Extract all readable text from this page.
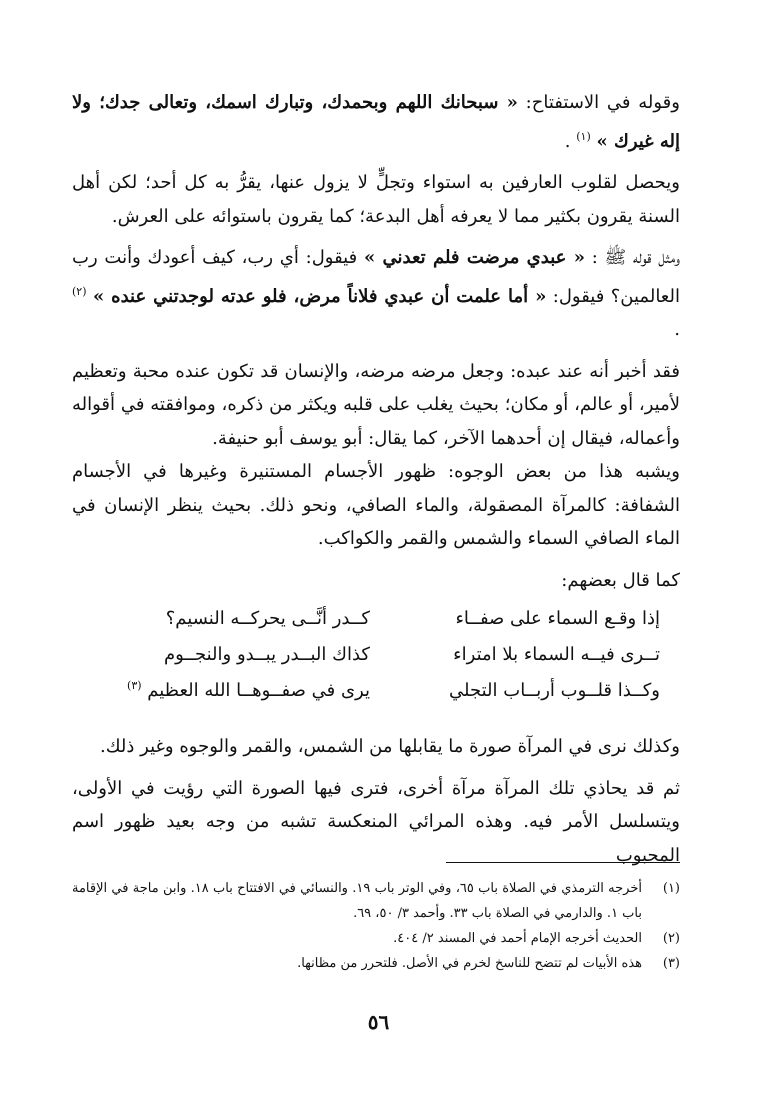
وقوله في الاستفتاح: « سبحانك اللهم وبحمدك، وتبارك اسمك، وتعالى جدك؛ ولا إله غيرك » $^{(١)}$ .

ويحصل لقلوب العارفين به استواء وتجلٍّ لا يزول عنها، يقرُّ به كل أحد؛ لكن أهل السنة يقرون بكثير مما لا يعرفه أهل البدعة؛ كما يقرون باستوائه على العرش.

ومثل قوله ﷺ : « عبدي مرضت فلم تعدني » فيقول: أي رب، كيف أعودك وأنت رب العالمين؟ فيقول: « أما علمت أن عبدي فلاناً مرض، فلو عدته لوجدتني عنده » $^{(٢)}$ .

فقد أخبر أنه عند عبده: وجعل مرضه مرضه، والإنسان قد تكون عنده محبة وتعظيم لأمير، أو عالم، أو مكان؛ بحيث يغلب على قلبه ويكثر من ذكره، وموافقته في أقواله وأعماله، فيقال إن أحدهما الآخر، كما يقال: أبو يوسف أبو حنيفة.

ويشبه هذا من بعض الوجوه: ظهور الأجسام المستنيرة وغيرها في الأجسام الشفافة: كالمرآة المصقولة، والماء الصافي، ونحو ذلك. بحيث ينظر الإنسان في الماء الصافي السماء والشمس والقمر والكواكب.

كما قال بعضهم:

إذا وقـع السماء على صفــاء
كــدر أنَّــى يحركــه النسيم؟
تــرى فيــه السماء بلا امتراء
كذاك البــدر يبــدو والنجــوم
وكــذا قلــوب أربــاب التجلي
يرى في صفــوهــا الله العظيم $^{(٣)}$

وكذلك نرى في المرآة صورة ما يقابلها من الشمس، والقمر والوجوه وغير ذلك.

ثم قد يحاذي تلك المرآة مرآة أخرى، فترى فيها الصورة التي رؤيت في الأولى، ويتسلسل الأمر فيه. وهذه المرائي المنعكسة تشبه من وجه بعيد ظهور اسم المحبوب

(١)
أخرجه الترمذي في الصلاة باب ٦٥، وفي الوتر باب ١٩. والنسائي في الافتتاح باب ١٨. وابن ماجة في الإقامة باب ١. والدارمي في الصلاة باب ٣٣. وأحمد ٣/ ٥٠، ٦٩.
(٢)
الحديث أخرجه الإمام أحمد في المسند ٢/ ٤٠٤.
(٣)
هذه الأبيات لم تتضح للناسخ لخرم في الأصل. فلتحرر من مظانها.
٥٦
